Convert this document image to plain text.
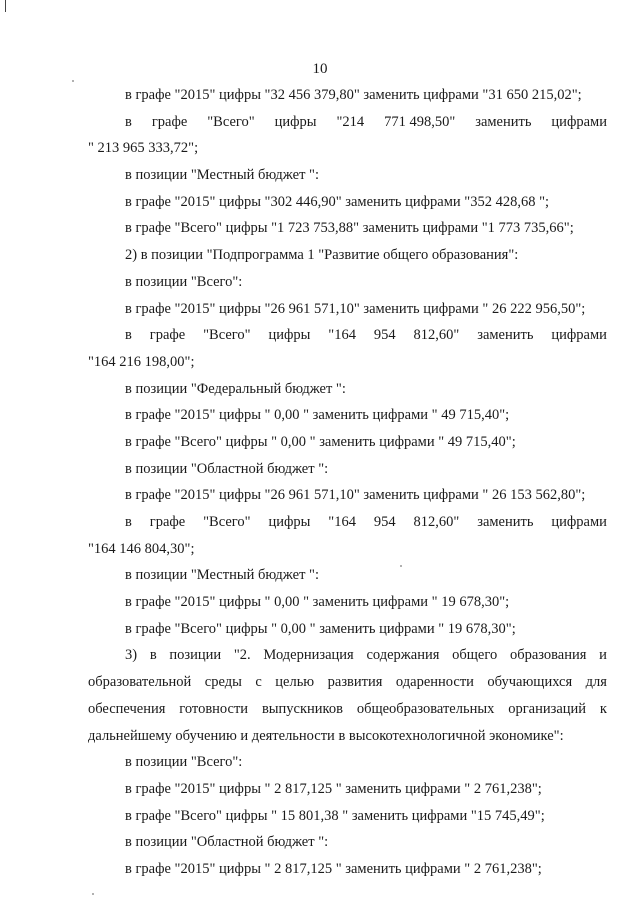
10
в графе "2015" цифры "32 456 379,80" заменить цифрами "31 650 215,02";
в графе "Всего" цифры "214 771 498,50" заменить цифрами
" 213 965 333,72";
в позиции "Местный бюджет ":
в графе "2015" цифры "302 446,90" заменить цифрами "352 428,68 ";
в графе "Всего" цифры "1 723 753,88" заменить цифрами "1 773 735,66";
2) в позиции "Подпрограмма 1 "Развитие общего образования":
в позиции "Всего":
в графе "2015" цифры "26 961 571,10" заменить цифрами " 26 222 956,50";
в графе "Всего" цифры "164 954 812,60" заменить цифрами
"164 216 198,00";
в позиции "Федеральный бюджет ":
в графе "2015" цифры " 0,00 " заменить цифрами " 49 715,40";
в графе "Всего" цифры " 0,00 " заменить цифрами " 49 715,40";
в позиции "Областной бюджет ":
в графе "2015" цифры "26 961 571,10" заменить цифрами " 26 153 562,80";
в графе "Всего" цифры "164 954 812,60" заменить цифрами
"164 146 804,30";
в позиции "Местный бюджет ":
в графе "2015" цифры " 0,00 " заменить цифрами " 19 678,30";
в графе "Всего" цифры " 0,00 " заменить цифрами " 19 678,30";
3) в позиции "2. Модернизация содержания общего образования и
образовательной среды с целью развития одаренности обучающихся для
обеспечения готовности выпускников общеобразовательных организаций к
дальнейшему обучению и деятельности в высокотехнологичной экономике":
в позиции "Всего":
в графе "2015" цифры " 2 817,125 " заменить цифрами " 2 761,238";
в графе "Всего" цифры " 15 801,38 " заменить цифрами "15 745,49";
в позиции "Областной бюджет ":
в графе "2015" цифры " 2 817,125 " заменить цифрами " 2 761,238";
